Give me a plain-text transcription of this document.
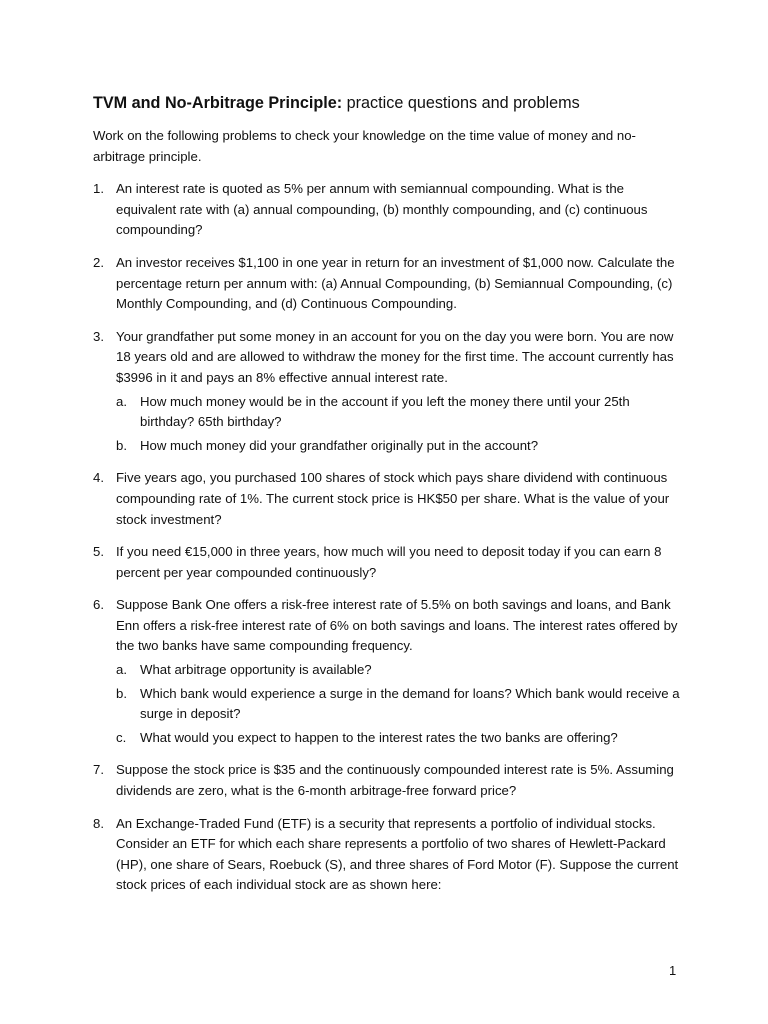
TVM and No-Arbitrage Principle: practice questions and problems

Work on the following problems to check your knowledge on the time value of money and no-arbitrage principle.

1. An interest rate is quoted as 5% per annum with semiannual compounding. What is the equivalent rate with (a) annual compounding, (b) monthly compounding, and (c) continuous compounding?
2. An investor receives $1,100 in one year in return for an investment of $1,000 now. Calculate the percentage return per annum with: (a) Annual Compounding, (b) Semiannual Compounding, (c) Monthly Compounding, and (d) Continuous Compounding.
3. Your grandfather put some money in an account for you on the day you were born. You are now 18 years old and are allowed to withdraw the money for the first time. The account currently has $3996 in it and pays an 8% effective annual interest rate.
a. How much money would be in the account if you left the money there until your 25th birthday? 65th birthday?
b. How much money did your grandfather originally put in the account?
4. Five years ago, you purchased 100 shares of stock which pays share dividend with continuous compounding rate of 1%. The current stock price is HK$50 per share. What is the value of your stock investment?
5. If you need €15,000 in three years, how much will you need to deposit today if you can earn 8 percent per year compounded continuously?
6. Suppose Bank One offers a risk-free interest rate of 5.5% on both savings and loans, and Bank Enn offers a risk-free interest rate of 6% on both savings and loans. The interest rates offered by the two banks have same compounding frequency.
a. What arbitrage opportunity is available?
b. Which bank would experience a surge in the demand for loans? Which bank would receive a surge in deposit?
c. What would you expect to happen to the interest rates the two banks are offering?
7. Suppose the stock price is $35 and the continuously compounded interest rate is 5%. Assuming dividends are zero, what is the 6-month arbitrage-free forward price?
8. An Exchange-Traded Fund (ETF) is a security that represents a portfolio of individual stocks. Consider an ETF for which each share represents a portfolio of two shares of Hewlett-Packard (HP), one share of Sears, Roebuck (S), and three shares of Ford Motor (F). Suppose the current stock prices of each individual stock are as shown here:
1
